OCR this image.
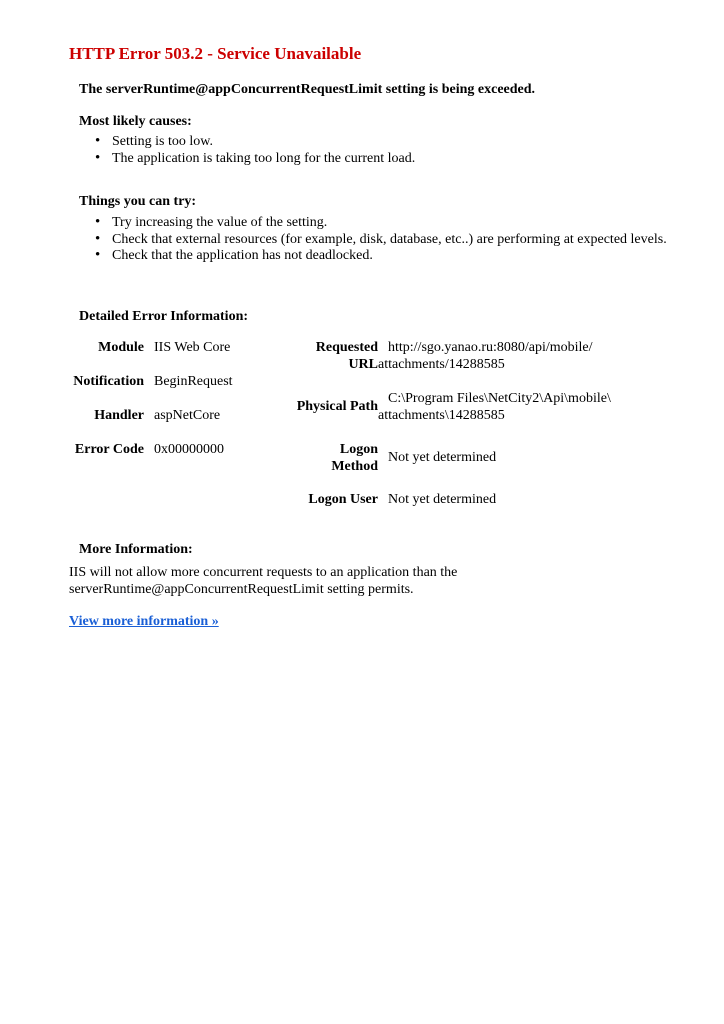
HTTP Error 503.2 - Service Unavailable
The serverRuntime@appConcurrentRequestLimit setting is being exceeded.
Most likely causes:
• Setting is too low.
• The application is taking too long for the current load.
Things you can try:
• Try increasing the value of the setting.
• Check that external resources (for example, disk, database, etc..) are performing at expected levels.
• Check that the application has not deadlocked.
Detailed Error Information:
Module IIS Web Core
Notification BeginRequest
Handler aspNetCore
Error Code 0x00000000
Requested
URL
http://sgo.yanao.ru:8080/api/mobile/
attachments/14288585
Physical Path
C:\Program Files\NetCity2\Api\mobile\
attachments\14288585
Logon
Method
Not yet determined
Logon User Not yet determined
More Information:
IIS will not allow more concurrent requests to an application than the serverRuntime@appConcurrentRequestLimit setting permits.
View more information »
